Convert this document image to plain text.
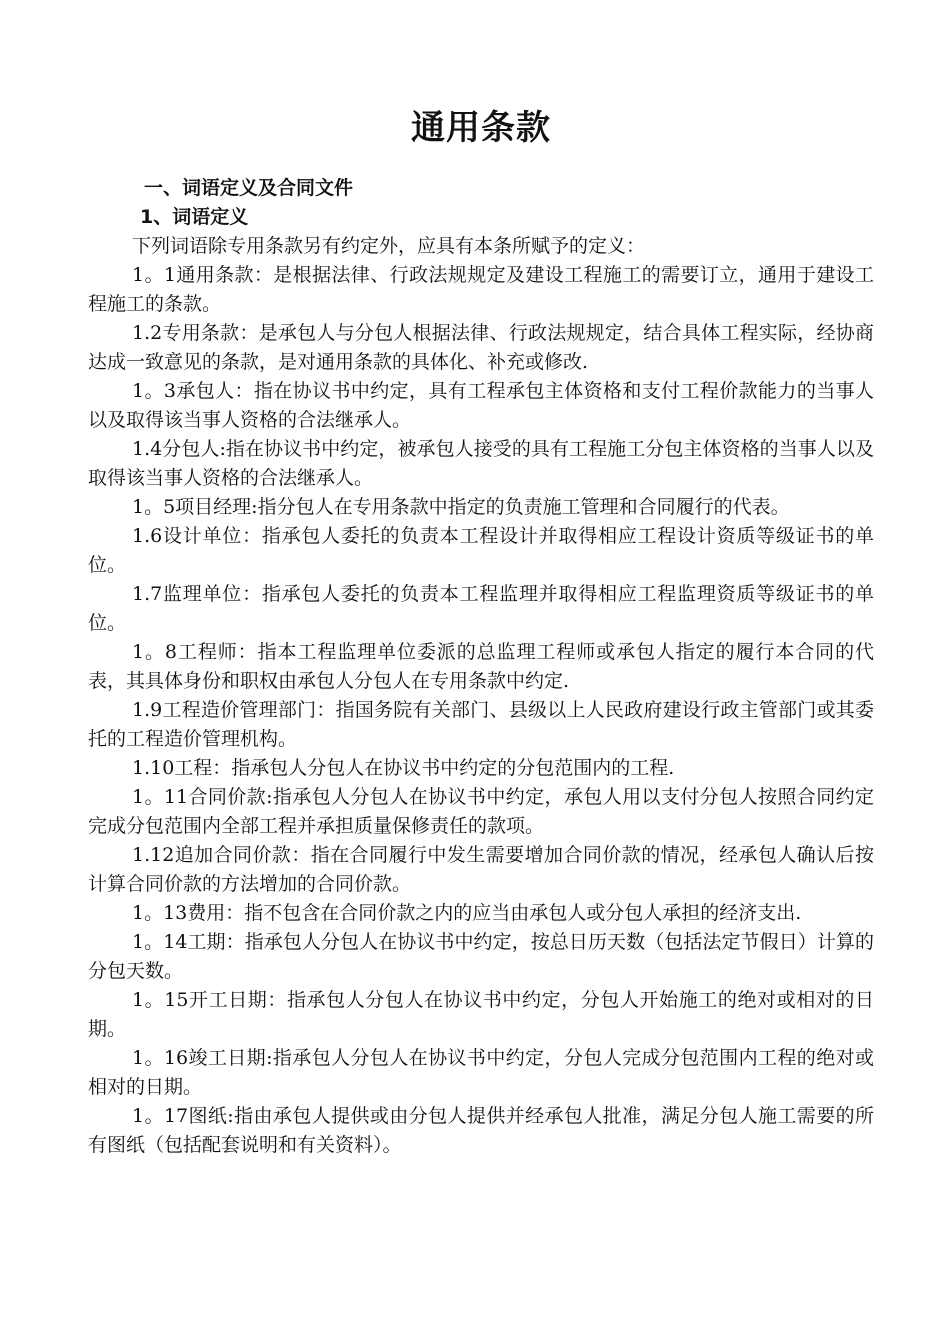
通用条款
一、词语定义及合同文件
1、词语定义

下列词语除专用条款另有约定外，应具有本条所赋予的定义：

1。1通用条款：是根据法律、行政法规规定及建设工程施工的需要订立，通用于建设工程施工的条款。

1.2专用条款：是承包人与分包人根据法律、行政法规规定，结合具体工程实际，经协商达成一致意见的条款，是对通用条款的具体化、补充或修改.

1。3承包人：指在协议书中约定，具有工程承包主体资格和支付工程价款能力的当事人以及取得该当事人资格的合法继承人。

1.4分包人:指在协议书中约定，被承包人接受的具有工程施工分包主体资格的当事人以及取得该当事人资格的合法继承人。

1。5项目经理:指分包人在专用条款中指定的负责施工管理和合同履行的代表。

1.6设计单位：指承包人委托的负责本工程设计并取得相应工程设计资质等级证书的单位。

1.7监理单位：指承包人委托的负责本工程监理并取得相应工程监理资质等级证书的单位。

1。8工程师：指本工程监理单位委派的总监理工程师或承包人指定的履行本合同的代表，其具体身份和职权由承包人分包人在专用条款中约定.

1.9工程造价管理部门：指国务院有关部门、县级以上人民政府建设行政主管部门或其委托的工程造价管理机构。

1.10工程：指承包人分包人在协议书中约定的分包范围内的工程.

1。11合同价款:指承包人分包人在协议书中约定，承包人用以支付分包人按照合同约定完成分包范围内全部工程并承担质量保修责任的款项。

1.12追加合同价款：指在合同履行中发生需要增加合同价款的情况，经承包人确认后按计算合同价款的方法增加的合同价款。

1。13费用：指不包含在合同价款之内的应当由承包人或分包人承担的经济支出.

1。14工期：指承包人分包人在协议书中约定，按总日历天数（包括法定节假日）计算的分包天数。

1。15开工日期：指承包人分包人在协议书中约定，分包人开始施工的绝对或相对的日期。

1。16竣工日期:指承包人分包人在协议书中约定，分包人完成分包范围内工程的绝对或相对的日期。

1。17图纸:指由承包人提供或由分包人提供并经承包人批准，满足分包人施工需要的所有图纸（包括配套说明和有关资料）。
